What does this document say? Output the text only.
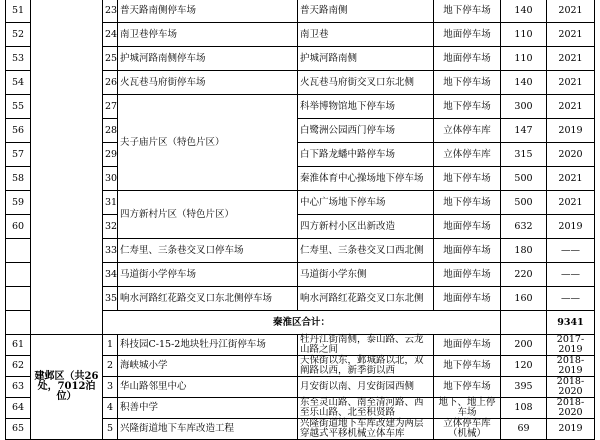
51		23	普天路南侧停车场	普天路南侧	地下停车场	140	2021	
52		24	南卫巷停车场	南卫巷	地面停车场	110	2021	
53		25	护城河路南侧停车场	护城河路南侧	地面停车场	110	2021	
54		26	火瓦巷马府街停车场	火瓦巷马府街交叉口东北侧	地下停车场	140	2021	
55		27	夫子庙片区（特色片区）	科举博物馆地下停车场	地下停车场	300	2021	
56		28		白鹭洲公园西门停车场	立体停车库	147	2019	
57		29		白下路龙蟠中路停车场	立体停车库	315	2020	
58		30		秦淮体育中心操场地下停车场	地下停车场	500	2021	
59		31	四方新村片区（特色片区）	中心广场地下停车场	地下停车场	500	2021	
60		32		四方新村小区出新改造	地面停车场	632	2019	
		33	仁寿里、三条巷交叉口停车场	仁寿里、三条巷交叉口西北侧	地面停车场	180	——	
		34	马道街小学停车场	马道街小学东侧	地面停车场	220	——	
		35	响水河路红花路交叉口东北侧停车场	响水河路红花路交叉口东北侧	地面停车场	160	——	
		秦淮区合计：					9341	
61	建邺区（共26处，7012泊位）	1	科技园C-15-2地块牡丹江街停车场	牡丹江街南侧，泰山路、云龙山路之间	地面停车场	200	2017-2019	
62		2	海峡城小学	天保街以东，邺城路以北，双阐路以西，新季街以西	地下停车场	120	2018-2019	
63		3	华山路邻里中心	月安街以南、月安街园西侧	地下停车场	395	2018-2020	
64		4	积善中学	东至灵山路、南至清河路、西至乐山路、北至积贤路	地下、地上停车场	108	2018-2020	
65		5	兴隆街道地下车库改造工程	兴隆街道地下车库改建为两层穿越式平移机械立体车库	立体停车库（机械）	69	2019	
